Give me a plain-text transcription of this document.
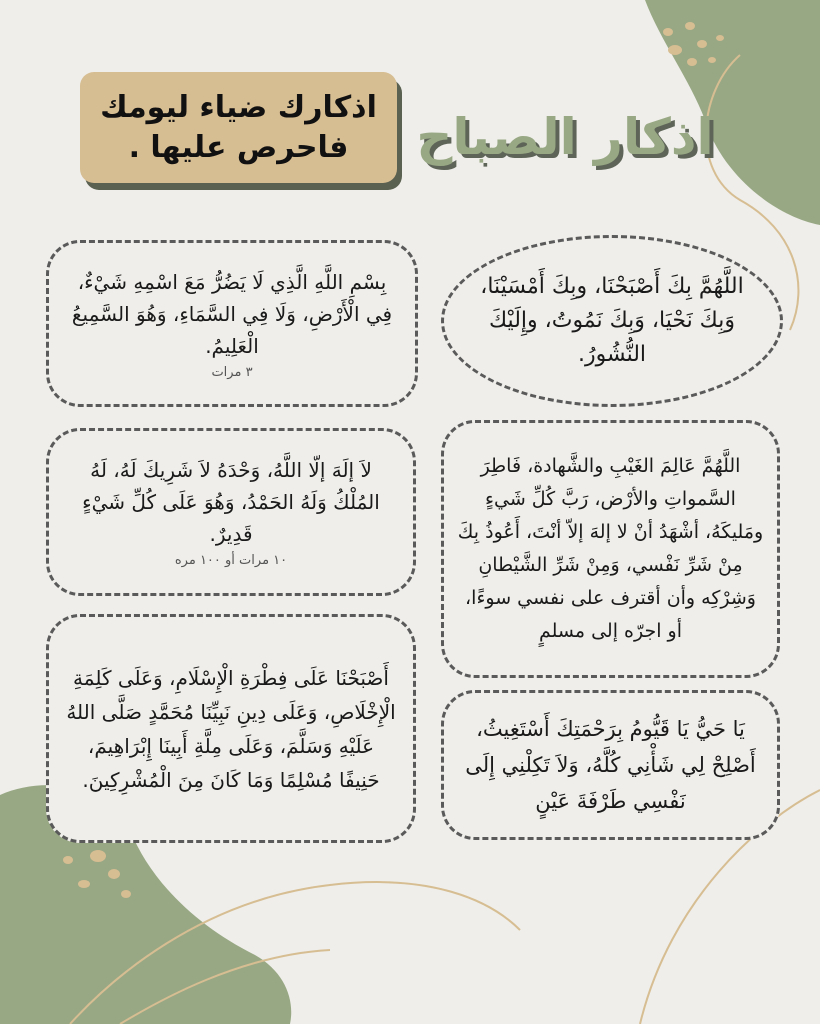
اذكار الصباح
اذكارك ضياء ليومك
فاحرص عليها .

اللَّهُمَّ بِكَ أَصْبَحْنَا، وبِكَ أَمْسَيْنَا، وَبِكَ نَحْيَا، وَبِكَ نَمُوتُ، وإِلَيْكَ النُّشُورُ.

اللَّهُمَّ عَالِمَ الغَيْبِ والشَّهادة، فَاطِرَ السَّمواتِ والأرْض، رَبَّ كُلِّ شَيءٍ ومَليكَهُ، أشْهَدُ أنْ لا إلهَ إلاّ أنْتَ، أَعُوذُ بِكَ مِنْ شَرِّ نَفْسي، وَمِنْ شَرِّ الشَّيْطانِ وَشِرْكِه وأن أقترف على نفسي سوءًا، أو اجرّه إلى مسلمٍ

يَا حَيُّ يَا قَيُّومُ بِرَحْمَتِكَ أَسْتَغِيثُ، أَصْلِحْ لِي شَأْنِي كُلَّهُ، وَلاَ تَكِلْنِي إِلَى نَفْسِي طَرْفَةَ عَيْنٍ

بِسْمِ اللَّهِ الَّذِي لَا يَضُرُّ مَعَ اسْمِهِ شَيْءٌ، فِي الْأَرْضِ، وَلَا فِي السَّمَاءِ، وَهُوَ السَّمِيعُ الْعَلِيمُ.

٣ مرات

لاَ إلَهَ إلّا اللَّهُ، وَحْدَهُ لاَ شَرِيكَ لَهُ، لَهُ المُلْكُ وَلَهُ الحَمْدُ، وَهُوَ عَلَى كُلِّ شَيْءٍ قَدِيرٌ.

١٠ مرات أو ١٠٠ مره

أَصْبَحْنَا عَلَى فِطْرَةِ الْإِسْلَامِ، وَعَلَى كَلِمَةِ الْإِخْلَاصِ، وَعَلَى دِينِ نَبِيِّنَا مُحَمَّدٍ صَلَّى اللهُ عَلَيْهِ وَسَلَّمَ، وَعَلَى مِلَّةِ أَبِينَا إِبْرَاهِيمَ، حَنِيفًا مُسْلِمًا وَمَا كَانَ مِنَ الْمُشْرِكِينَ.
